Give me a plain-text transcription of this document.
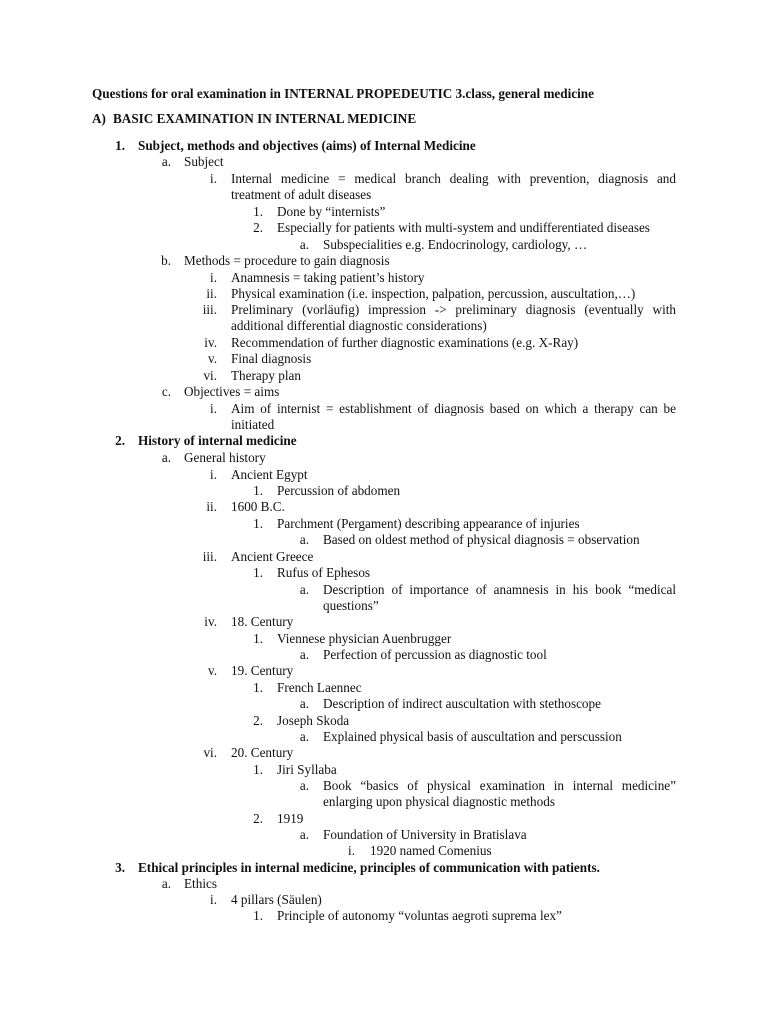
Questions for oral examination in INTERNAL PROPEDEUTIC 3.class, general medicine
A) BASIC EXAMINATION IN INTERNAL MEDICINE
1. Subject, methods and objectives (aims) of Internal Medicine
a. Subject
i. Internal medicine = medical branch dealing with prevention, diagnosis and
treatment of adult diseases
1. Done by “internists”
2. Especially for patients with multi-system and undifferentiated diseases
a. Subspecialities e.g. Endocrinology, cardiology, …
b. Methods = procedure to gain diagnosis
i. Anamnesis = taking patient’s history
ii. Physical examination (i.e. inspection, palpation, percussion, auscultation,…)
iii. Preliminary (vorläufig) impression -> preliminary diagnosis (eventually with
additional differential diagnostic considerations)
iv. Recommendation of further diagnostic examinations (e.g. X-Ray)
v. Final diagnosis
vi. Therapy plan
c. Objectives = aims
i. Aim of internist = establishment of diagnosis based on which a therapy can be
initiated
2. History of internal medicine
a. General history
i. Ancient Egypt
1. Percussion of abdomen
ii. 1600 B.C.
1. Parchment (Pergament) describing appearance of injuries
a. Based on oldest method of physical diagnosis = observation
iii. Ancient Greece
1. Rufus of Ephesos
a. Description of importance of anamnesis in his book “medical
questions”
iv. 18. Century
1. Viennese physician Auenbrugger
a. Perfection of percussion as diagnostic tool
v. 19. Century
1. French Laennec
a. Description of indirect auscultation with stethoscope
2. Joseph Skoda
a. Explained physical basis of auscultation and perscussion
vi. 20. Century
1. Jiri Syllaba
a. Book “basics of physical examination in internal medicine”
enlarging upon physical diagnostic methods
2. 1919
a. Foundation of University in Bratislava
i. 1920 named Comenius
3. Ethical principles in internal medicine, principles of communication with patients.
a. Ethics
i. 4 pillars (Säulen)
1. Principle of autonomy “voluntas aegroti suprema lex”
